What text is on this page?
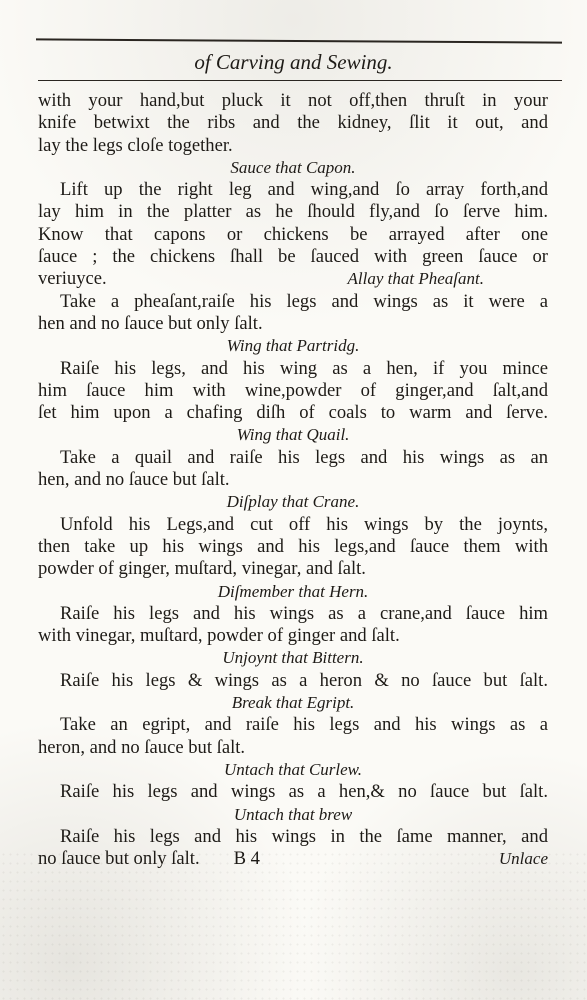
of Carving and Sewing.
with your hand,but pluck it not off,then thruſt in your
knife betwixt the ribs and the kidney, ſlit it out, and
lay the legs cloſe together.
Sauce that Capon.
Lift up the right leg and wing,and ſo array forth,and
lay him in the platter as he ſhould fly,and ſo ſerve him.
Know that capons or chickens be arrayed after one
ſauce ; the chickens ſhall be ſauced with green ſauce or
veriuyce.	Allay that Pheaſant.
Take a pheaſant,raiſe his legs and wings as it were a
hen and no ſauce but only ſalt.
Wing that Partridg.
Raiſe his legs, and his wing as a hen, if you mince
him ſauce him with wine,powder of ginger,and ſalt,and
ſet him upon a chafing diſh of coals to warm and ſerve.
Wing that Quail.
Take a quail and raiſe his legs and his wings as an
hen, and no ſauce but ſalt.
Diſplay that Crane.
Unfold his Legs,and cut off his wings by the joynts,
then take up his wings and his legs,and ſauce them with
powder of ginger, muſtard, vinegar, and ſalt.
Diſmember that Hern.
Raiſe his legs and his wings as a crane,and ſauce him
with vinegar, muſtard, powder of ginger and ſalt.
Unjoynt that Bittern.
Raiſe his legs & wings as a heron & no ſauce but ſalt.
Break that Egript.
Take an egript, and raiſe his legs and his wings as a
heron, and no ſauce but ſalt.
Untach that Curlew.
Raiſe his legs and wings as a hen,& no ſauce but ſalt.
Untach that brew
Raiſe his legs and his wings in the ſame manner, and
no ſauce but only ſalt. B 4	Unlace
